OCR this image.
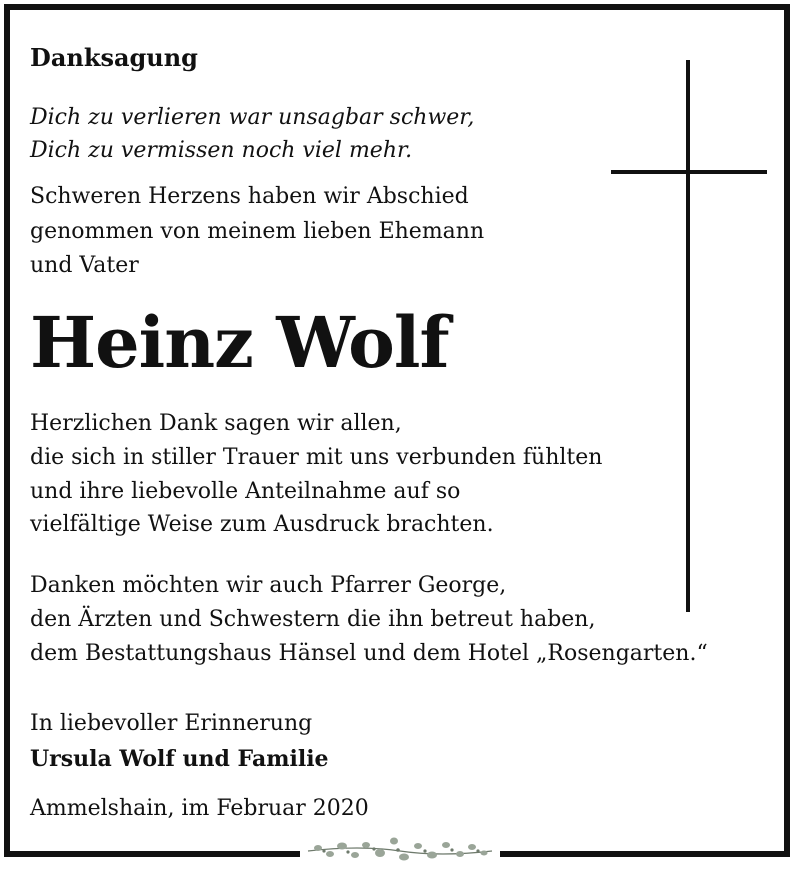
Danksagung
Dich zu verlieren war unsagbar schwer,
Dich zu vermissen noch viel mehr.
Schweren Herzens haben wir Abschied
genommen von meinem lieben Ehemann
und Vater
Heinz Wolf
Herzlichen Dank sagen wir allen,
die sich in stiller Trauer mit uns verbunden fühlten
und ihre liebevolle Anteilnahme auf so
vielfältige Weise zum Ausdruck brachten.
Danken möchten wir auch Pfarrer George,
den Ärzten und Schwestern die ihn betreut haben,
dem Bestattungshaus Hänsel und dem Hotel „Rosengarten.“
In liebevoller Erinnerung
Ursula Wolf und Familie
Ammelshain, im Februar 2020
